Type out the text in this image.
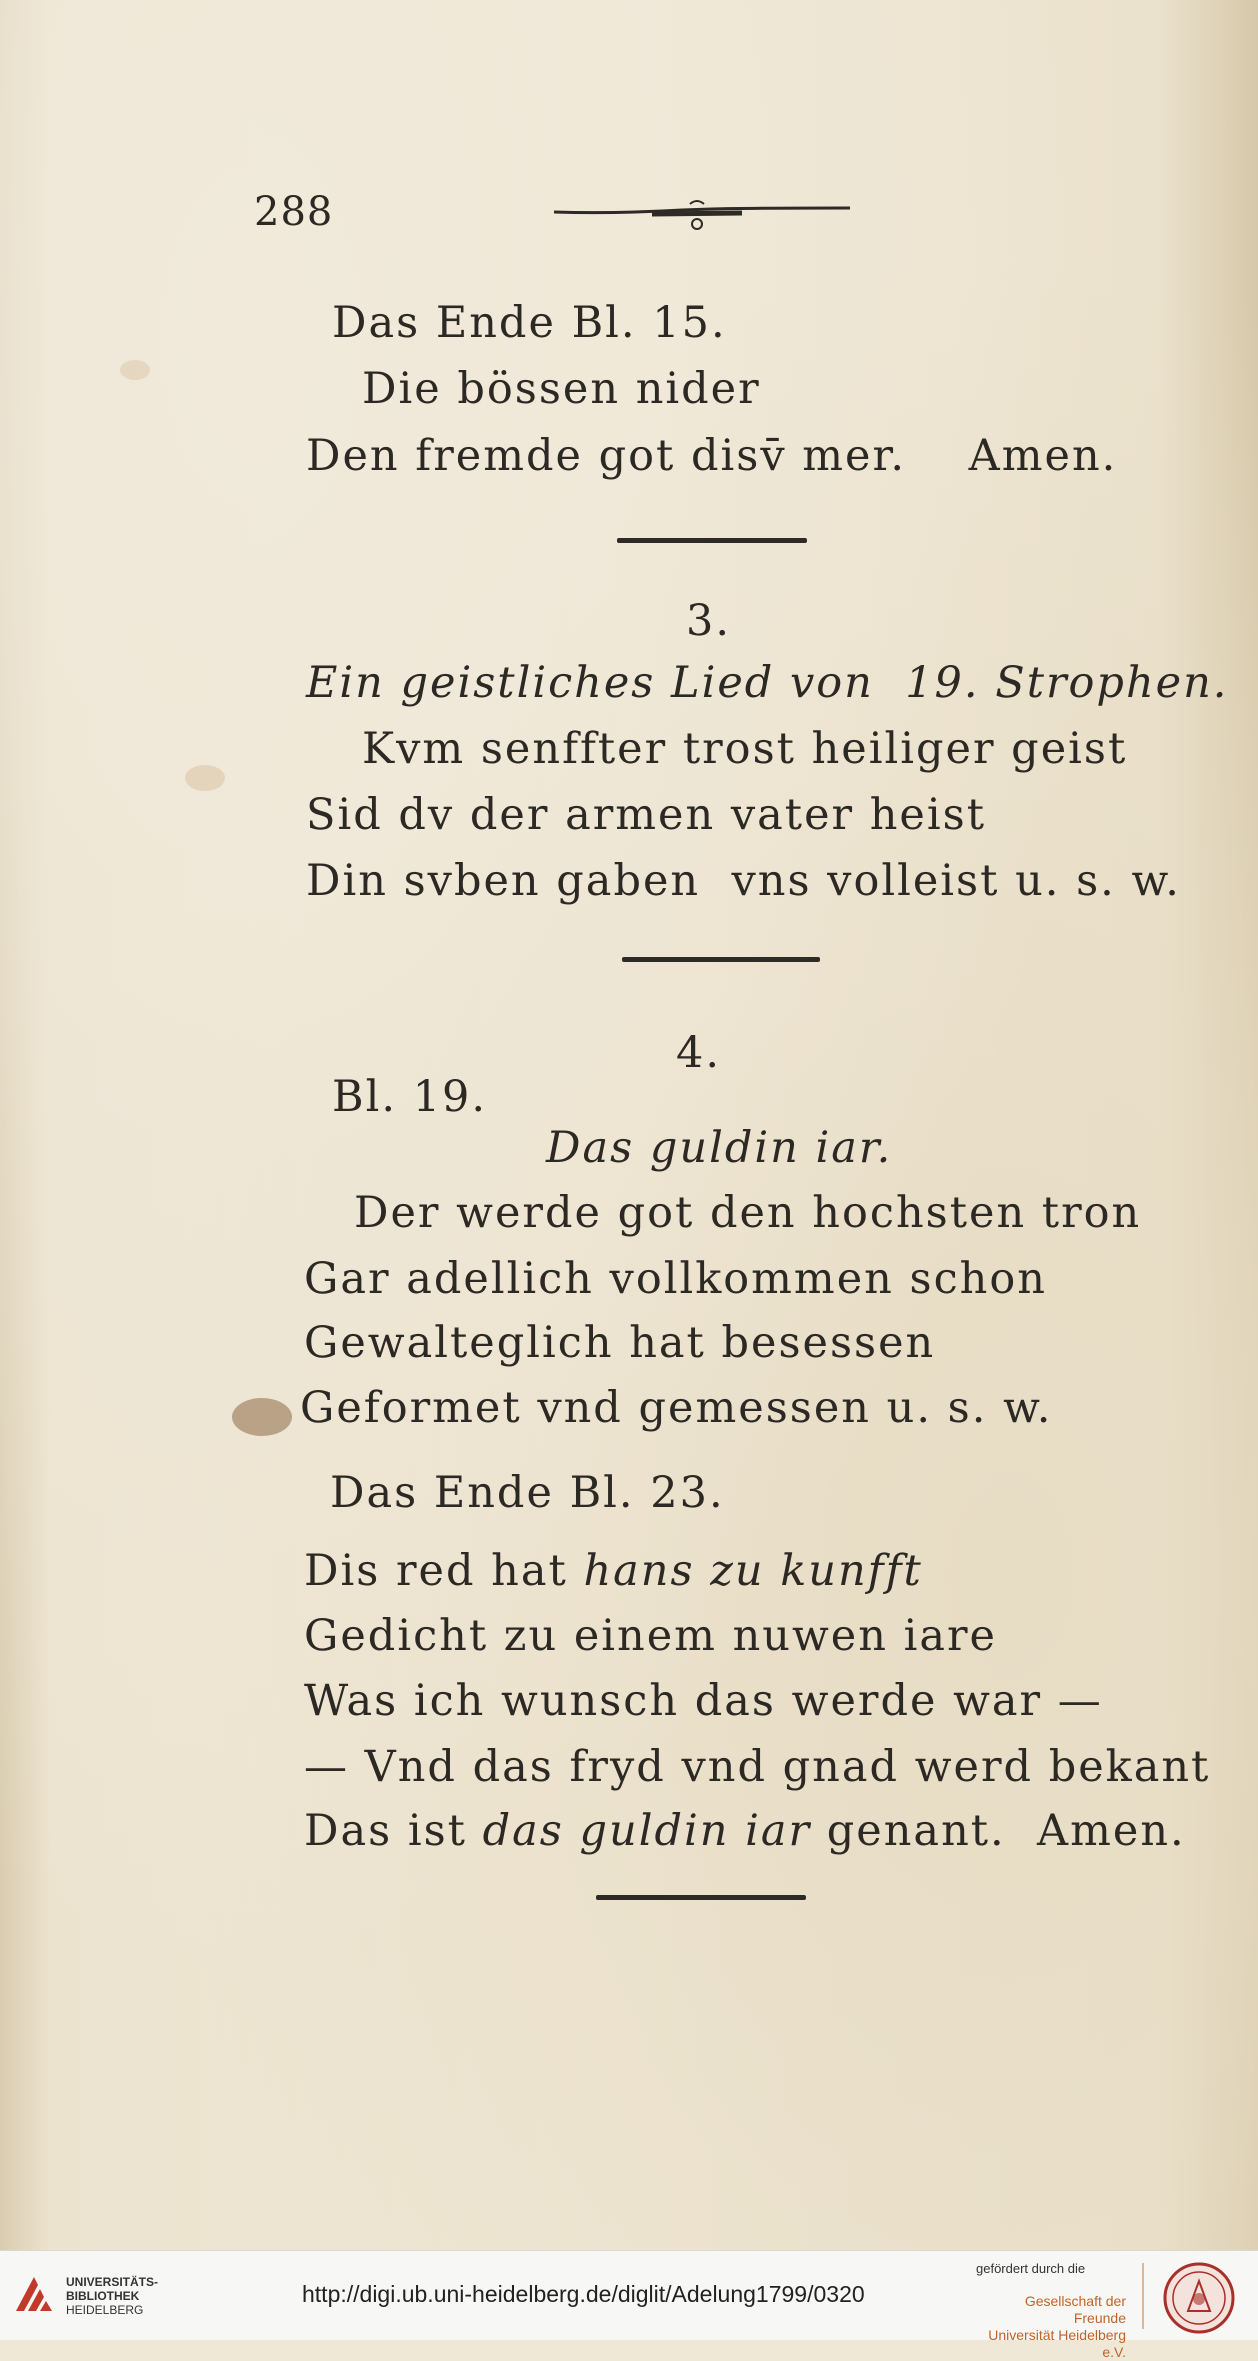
288
Das Ende Bl. 15.
Die bössen nider
Den fremde got disv̄ mer.    Amen.
3.
Ein geistliches Lied von  19. Strophen.
Kvm senffter trost heiliger geist
Sid dv der armen vater heist
Din svben gaben  vns volleist u. s. w.
4.
Bl. 19.
Das guldin iar.
Der werde got den hochsten tron
Gar adellich vollkommen schon
Gewalteglich hat besessen
Geformet vnd gemessen u. s. w.
Das Ende Bl. 23.
Dis red hat hans zu kunfft
Gedicht zu einem nuwen iare
Was ich wunsch das werde war —
— Vnd das fryd vnd gnad werd bekant
Das ist das guldin iar genant.  Amen.
UNIVERSITÄTS-
BIBLIOTHEK
HEIDELBERG
http://digi.ub.uni-heidelberg.de/diglit/Adelung1799/0320
gefördert durch die
Gesellschaft der Freunde
Universität Heidelberg e.V.
